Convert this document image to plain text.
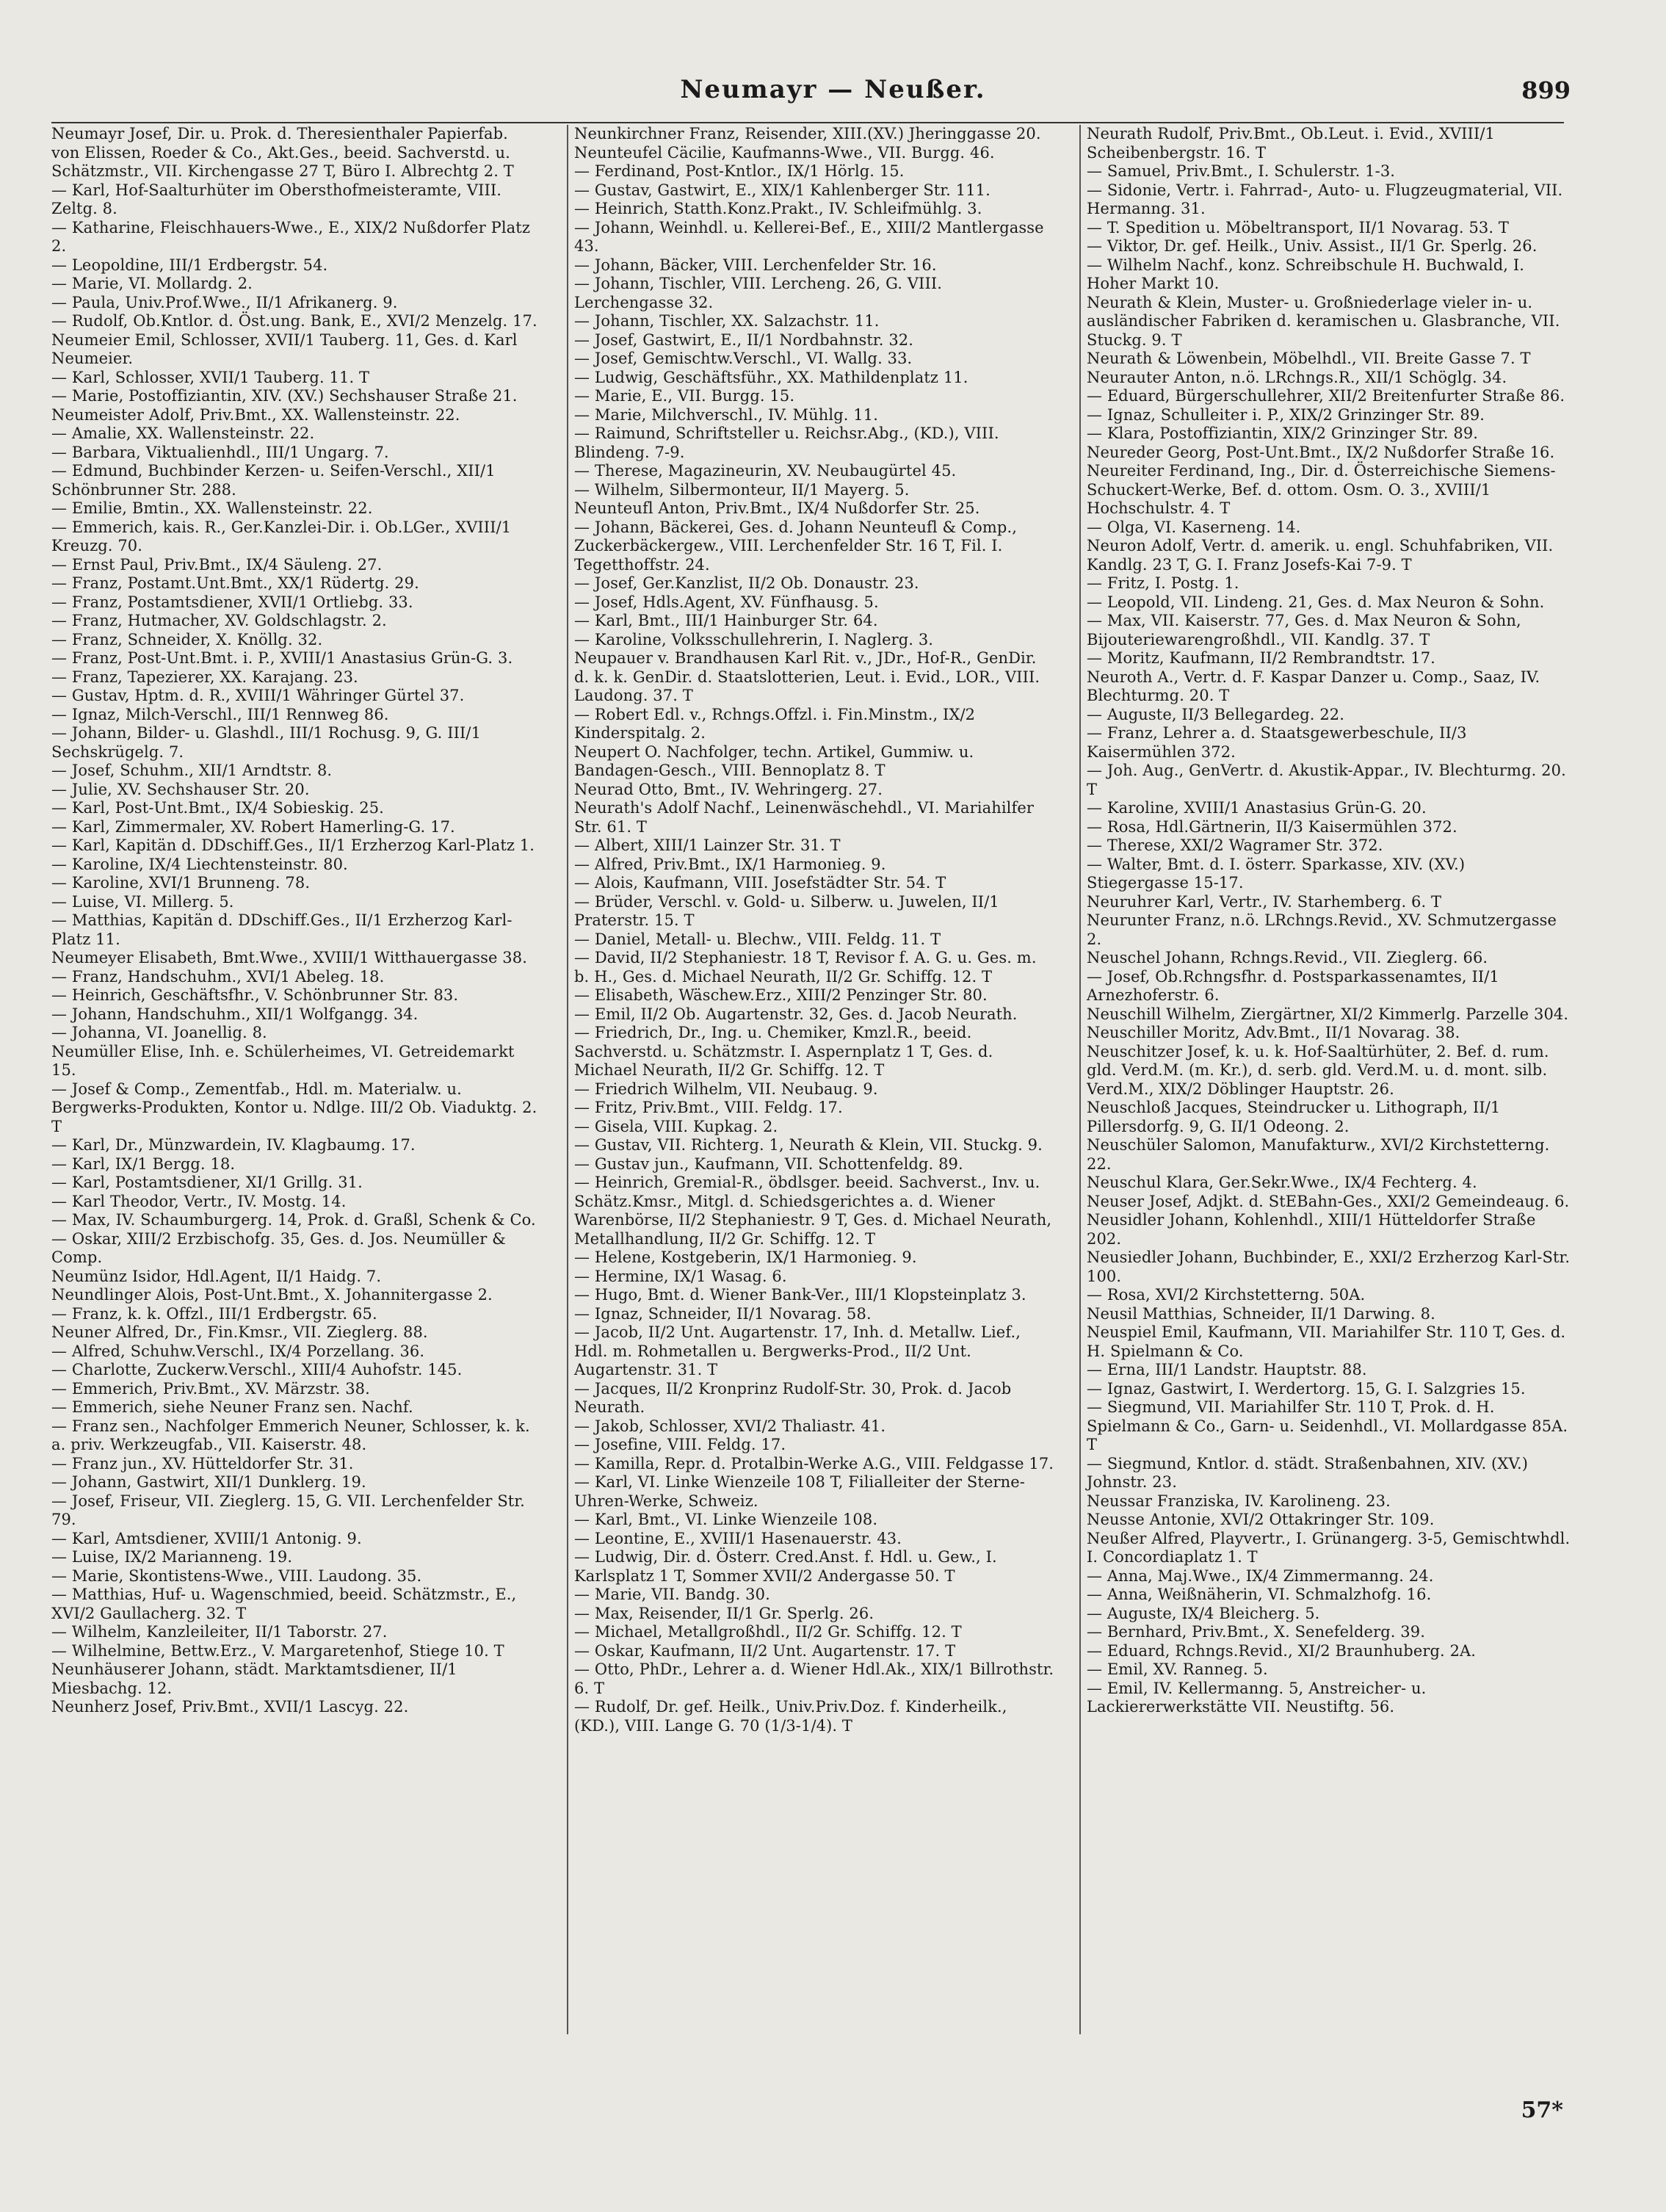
Neumayr — Neußer.	899

Neumayr Josef, Dir. u. Prok. d. Theresienthaler Papierfab. von Elissen, Roeder & Co., Akt.Ges., beeid. Sachverstd. u. Schätzmstr., VII. Kirchengasse 27 T, Büro I. Albrechtg 2. T

— Karl, Hof-Saalturhüter im Obersthofmeisteramte, VIII. Zeltg. 8.

— Katharine, Fleischhauers-Wwe., E., XIX/2 Nußdorfer Platz 2.

— Leopoldine, III/1 Erdbergstr. 54.

— Marie, VI. Mollardg. 2.

— Paula, Univ.Prof.Wwe., II/1 Afrikanerg. 9.

— Rudolf, Ob.Kntlor. d. Öst.ung. Bank, E., XVI/2 Menzelg. 17.

Neumeier Emil, Schlosser, XVII/1 Tauberg. 11, Ges. d. Karl Neumeier.

— Karl, Schlosser, XVII/1 Tauberg. 11. T

— Marie, Postoffiziantin, XIV. (XV.) Sechshauser Straße 21.

Neumeister Adolf, Priv.Bmt., XX. Wallensteinstr. 22.

— Amalie, XX. Wallensteinstr. 22.

— Barbara, Viktualienhdl., III/1 Ungarg. 7.

— Edmund, Buchbinder Kerzen- u. Seifen-Verschl., XII/1 Schönbrunner Str. 288.

— Emilie, Bmtin., XX. Wallensteinstr. 22.

— Emmerich, kais. R., Ger.Kanzlei-Dir. i. Ob.LGer., XVIII/1 Kreuzg. 70.

— Ernst Paul, Priv.Bmt., IX/4 Säuleng. 27.

— Franz, Postamt.Unt.Bmt., XX/1 Rüdertg. 29.

— Franz, Postamtsdiener, XVII/1 Ortliebg. 33.

— Franz, Hutmacher, XV. Goldschlagstr. 2.

— Franz, Schneider, X. Knöllg. 32.

— Franz, Post-Unt.Bmt. i. P., XVIII/1 Anastasius Grün-G. 3.

— Franz, Tapezierer, XX. Karajang. 23.

— Gustav, Hptm. d. R., XVIII/1 Währinger Gürtel 37.

— Ignaz, Milch-Verschl., III/1 Rennweg 86.

— Johann, Bilder- u. Glashdl., III/1 Rochusg. 9, G. III/1 Sechskrügelg. 7.

— Josef, Schuhm., XII/1 Arndtstr. 8.

— Julie, XV. Sechshauser Str. 20.

— Karl, Post-Unt.Bmt., IX/4 Sobieskig. 25.

— Karl, Zimmermaler, XV. Robert Hamerling-G. 17.

— Karl, Kapitän d. DDschiff.Ges., II/1 Erzherzog Karl-Platz 1.

— Karoline, IX/4 Liechtensteinstr. 80.

— Karoline, XVI/1 Brunneng. 78.

— Luise, VI. Millerg. 5.

— Matthias, Kapitän d. DDschiff.Ges., II/1 Erzherzog Karl-Platz 11.

Neumeyer Elisabeth, Bmt.Wwe., XVIII/1 Witthauergasse 38.

— Franz, Handschuhm., XVI/1 Abeleg. 18.

— Heinrich, Geschäftsfhr., V. Schönbrunner Str. 83.

— Johann, Handschuhm., XII/1 Wolfgangg. 34.

— Johanna, VI. Joanellig. 8.

Neumüller Elise, Inh. e. Schülerheimes, VI. Getreidemarkt 15.

— Josef & Comp., Zementfab., Hdl. m. Materialw. u. Bergwerks-Produkten, Kontor u. Ndlge. III/2 Ob. Viaduktg. 2. T

— Karl, Dr., Münzwardein, IV. Klagbaumg. 17.

— Karl, IX/1 Bergg. 18.

— Karl, Postamtsdiener, XI/1 Grillg. 31.

— Karl Theodor, Vertr., IV. Mostg. 14.

— Max, IV. Schaumburgerg. 14, Prok. d. Graßl, Schenk & Co.

— Oskar, XIII/2 Erzbischofg. 35, Ges. d. Jos. Neumüller & Comp.

Neumünz Isidor, Hdl.Agent, II/1 Haidg. 7.

Neundlinger Alois, Post-Unt.Bmt., X. Johannitergasse 2.

— Franz, k. k. Offzl., III/1 Erdbergstr. 65.

Neuner Alfred, Dr., Fin.Kmsr., VII. Zieglerg. 88.

— Alfred, Schuhw.Verschl., IX/4 Porzellang. 36.

— Charlotte, Zuckerw.Verschl., XIII/4 Auhofstr. 145.

— Emmerich, Priv.Bmt., XV. Märzstr. 38.

— Emmerich, siehe Neuner Franz sen. Nachf.

— Franz sen., Nachfolger Emmerich Neuner, Schlosser, k. k. a. priv. Werkzeugfab., VII. Kaiserstr. 48.

— Franz jun., XV. Hütteldorfer Str. 31.

— Johann, Gastwirt, XII/1 Dunklerg. 19.

— Josef, Friseur, VII. Zieglerg. 15, G. VII. Lerchenfelder Str. 79.

— Karl, Amtsdiener, XVIII/1 Antonig. 9.

— Luise, IX/2 Marianneng. 19.

— Marie, Skontistens-Wwe., VIII. Laudong. 35.

— Matthias, Huf- u. Wagenschmied, beeid. Schätzmstr., E., XVI/2 Gaullacherg. 32. T

— Wilhelm, Kanzleileiter, II/1 Taborstr. 27.

— Wilhelmine, Bettw.Erz., V. Margaretenhof, Stiege 10. T

Neunhäuserer Johann, städt. Marktamtsdiener, II/1 Miesbachg. 12.

Neunherz Josef, Priv.Bmt., XVII/1 Lascyg. 22.

Neunkirchner Franz, Reisender, XIII.(XV.) Jheringgasse 20.

Neunteufel Cäcilie, Kaufmanns-Wwe., VII. Burgg. 46.

— Ferdinand, Post-Kntlor., IX/1 Hörlg. 15.

— Gustav, Gastwirt, E., XIX/1 Kahlenberger Str. 111.

— Heinrich, Statth.Konz.Prakt., IV. Schleifmühlg. 3.

— Johann, Weinhdl. u. Kellerei-Bef., E., XIII/2 Mantlergasse 43.

— Johann, Bäcker, VIII. Lerchenfelder Str. 16.

— Johann, Tischler, VIII. Lercheng. 26, G. VIII. Lerchengasse 32.

— Johann, Tischler, XX. Salzachstr. 11.

— Josef, Gastwirt, E., II/1 Nordbahnstr. 32.

— Josef, Gemischtw.Verschl., VI. Wallg. 33.

— Ludwig, Geschäftsführ., XX. Mathildenplatz 11.

— Marie, E., VII. Burgg. 15.

— Marie, Milchverschl., IV. Mühlg. 11.

— Raimund, Schriftsteller u. Reichsr.Abg., (KD.), VIII. Blindeng. 7-9.

— Therese, Magazineurin, XV. Neubaugürtel 45.

— Wilhelm, Silbermonteur, II/1 Mayerg. 5.

Neunteufl Anton, Priv.Bmt., IX/4 Nußdorfer Str. 25.

— Johann, Bäckerei, Ges. d. Johann Neunteufl & Comp., Zuckerbäckergew., VIII. Lerchenfelder Str. 16 T, Fil. I. Tegetthoffstr. 24.

— Josef, Ger.Kanzlist, II/2 Ob. Donaustr. 23.

— Josef, Hdls.Agent, XV. Fünfhausg. 5.

— Karl, Bmt., III/1 Hainburger Str. 64.

— Karoline, Volksschullehrerin, I. Naglerg. 3.

Neupauer v. Brandhausen Karl Rit. v., JDr., Hof-R., GenDir. d. k. k. GenDir. d. Staatslotterien, Leut. i. Evid., LOR., VIII. Laudong. 37. T

— Robert Edl. v., Rchngs.Offzl. i. Fin.Minstm., IX/2 Kinderspitalg. 2.

Neupert O. Nachfolger, techn. Artikel, Gummiw. u. Bandagen-Gesch., VIII. Bennoplatz 8. T

Neurad Otto, Bmt., IV. Wehringerg. 27.

Neurath's Adolf Nachf., Leinenwäschehdl., VI. Mariahilfer Str. 61. T

— Albert, XIII/1 Lainzer Str. 31. T

— Alfred, Priv.Bmt., IX/1 Harmonieg. 9.

— Alois, Kaufmann, VIII. Josefstädter Str. 54. T

— Brüder, Verschl. v. Gold- u. Silberw. u. Juwelen, II/1 Praterstr. 15. T

— Daniel, Metall- u. Blechw., VIII. Feldg. 11. T

— David, II/2 Stephaniestr. 18 T, Revisor f. A. G. u. Ges. m. b. H., Ges. d. Michael Neurath, II/2 Gr. Schiffg. 12. T

— Elisabeth, Wäschew.Erz., XIII/2 Penzinger Str. 80.

— Emil, II/2 Ob. Augartenstr. 32, Ges. d. Jacob Neurath.

— Friedrich, Dr., Ing. u. Chemiker, Kmzl.R., beeid. Sachverstd. u. Schätzmstr. I. Aspernplatz 1 T, Ges. d. Michael Neurath, II/2 Gr. Schiffg. 12. T

— Friedrich Wilhelm, VII. Neubaug. 9.

— Fritz, Priv.Bmt., VIII. Feldg. 17.

— Gisela, VIII. Kupkag. 2.

— Gustav, VII. Richterg. 1, Neurath & Klein, VII. Stuckg. 9.

— Gustav jun., Kaufmann, VII. Schottenfeldg. 89.

— Heinrich, Gremial-R., öbdlsger. beeid. Sachverst., Inv. u. Schätz.Kmsr., Mitgl. d. Schiedsgerichtes a. d. Wiener Warenbörse, II/2 Stephaniestr. 9 T, Ges. d. Michael Neurath, Metallhandlung, II/2 Gr. Schiffg. 12. T

— Helene, Kostgeberin, IX/1 Harmonieg. 9.

— Hermine, IX/1 Wasag. 6.

— Hugo, Bmt. d. Wiener Bank-Ver., III/1 Klopsteinplatz 3.

— Ignaz, Schneider, II/1 Novarag. 58.

— Jacob, II/2 Unt. Augartenstr. 17, Inh. d. Metallw. Lief., Hdl. m. Rohmetallen u. Bergwerks-Prod., II/2 Unt. Augartenstr. 31. T

— Jacques, II/2 Kronprinz Rudolf-Str. 30, Prok. d. Jacob Neurath.

— Jakob, Schlosser, XVI/2 Thaliastr. 41.

— Josefine, VIII. Feldg. 17.

— Kamilla, Repr. d. Protalbin-Werke A.G., VIII. Feldgasse 17.

— Karl, VI. Linke Wienzeile 108 T, Filialleiter der Sterne-Uhren-Werke, Schweiz.

— Karl, Bmt., VI. Linke Wienzeile 108.

— Leontine, E., XVIII/1 Hasenauerstr. 43.

— Ludwig, Dir. d. Österr. Cred.Anst. f. Hdl. u. Gew., I. Karlsplatz 1 T, Sommer XVII/2 Andergasse 50. T

— Marie, VII. Bandg. 30.

— Max, Reisender, II/1 Gr. Sperlg. 26.

— Michael, Metallgroßhdl., II/2 Gr. Schiffg. 12. T

— Oskar, Kaufmann, II/2 Unt. Augartenstr. 17. T

— Otto, PhDr., Lehrer a. d. Wiener Hdl.Ak., XIX/1 Billrothstr. 6. T

— Rudolf, Dr. gef. Heilk., Univ.Priv.Doz. f. Kinderheilk., (KD.), VIII. Lange G. 70 (1/3-1/4). T

Neurath Rudolf, Priv.Bmt., Ob.Leut. i. Evid., XVIII/1 Scheibenbergstr. 16. T

— Samuel, Priv.Bmt., I. Schulerstr. 1-3.

— Sidonie, Vertr. i. Fahrrad-, Auto- u. Flugzeugmaterial, VII. Hermanng. 31.

— T. Spedition u. Möbeltransport, II/1 Novarag. 53. T

— Viktor, Dr. gef. Heilk., Univ. Assist., II/1 Gr. Sperlg. 26.

— Wilhelm Nachf., konz. Schreibschule H. Buchwald, I. Hoher Markt 10.

Neurath & Klein, Muster- u. Großniederlage vieler in- u. ausländischer Fabriken d. keramischen u. Glasbranche, VII. Stuckg. 9. T

Neurath & Löwenbein, Möbelhdl., VII. Breite Gasse 7. T

Neurauter Anton, n.ö. LRchngs.R., XII/1 Schöglg. 34.

— Eduard, Bürgerschullehrer, XII/2 Breitenfurter Straße 86.

— Ignaz, Schulleiter i. P., XIX/2 Grinzinger Str. 89.

— Klara, Postoffiziantin, XIX/2 Grinzinger Str. 89.

Neureder Georg, Post-Unt.Bmt., IX/2 Nußdorfer Straße 16.

Neureiter Ferdinand, Ing., Dir. d. Österreichische Siemens-Schuckert-Werke, Bef. d. ottom. Osm. O. 3., XVIII/1 Hochschulstr. 4. T

— Olga, VI. Kaserneng. 14.

Neuron Adolf, Vertr. d. amerik. u. engl. Schuhfabriken, VII. Kandlg. 23 T, G. I. Franz Josefs-Kai 7-9. T

— Fritz, I. Postg. 1.

— Leopold, VII. Lindeng. 21, Ges. d. Max Neuron & Sohn.

— Max, VII. Kaiserstr. 77, Ges. d. Max Neuron & Sohn, Bijouteriewarengroßhdl., VII. Kandlg. 37. T

— Moritz, Kaufmann, II/2 Rembrandtstr. 17.

Neuroth A., Vertr. d. F. Kaspar Danzer u. Comp., Saaz, IV. Blechturmg. 20. T

— Auguste, II/3 Bellegardeg. 22.

— Franz, Lehrer a. d. Staatsgewerbeschule, II/3 Kaisermühlen 372.

— Joh. Aug., GenVertr. d. Akustik-Appar., IV. Blechturmg. 20. T

— Karoline, XVIII/1 Anastasius Grün-G. 20.

— Rosa, Hdl.Gärtnerin, II/3 Kaisermühlen 372.

— Therese, XXI/2 Wagramer Str. 372.

— Walter, Bmt. d. I. österr. Sparkasse, XIV. (XV.) Stiegergasse 15-17.

Neuruhrer Karl, Vertr., IV. Starhemberg. 6. T

Neurunter Franz, n.ö. LRchngs.Revid., XV. Schmutzergasse 2.

Neuschel Johann, Rchngs.Revid., VII. Zieglerg. 66.

— Josef, Ob.Rchngsfhr. d. Postsparkassenamtes, II/1 Arnezhoferstr. 6.

Neuschill Wilhelm, Ziergärtner, XI/2 Kimmerlg. Parzelle 304.

Neuschiller Moritz, Adv.Bmt., II/1 Novarag. 38.

Neuschitzer Josef, k. u. k. Hof-Saaltürhüter, 2. Bef. d. rum. gld. Verd.M. (m. Kr.), d. serb. gld. Verd.M. u. d. mont. silb. Verd.M., XIX/2 Döblinger Hauptstr. 26.

Neuschloß Jacques, Steindrucker u. Lithograph, II/1 Pillersdorfg. 9, G. II/1 Odeong. 2.

Neuschüler Salomon, Manufakturw., XVI/2 Kirchstetterng. 22.

Neuschul Klara, Ger.Sekr.Wwe., IX/4 Fechterg. 4.

Neuser Josef, Adjkt. d. StEBahn-Ges., XXI/2 Gemeindeaug. 6.

Neusidler Johann, Kohlenhdl., XIII/1 Hütteldorfer Straße 202.

Neusiedler Johann, Buchbinder, E., XXI/2 Erzherzog Karl-Str. 100.

— Rosa, XVI/2 Kirchstetterng. 50A.

Neusil Matthias, Schneider, II/1 Darwing. 8.

Neuspiel Emil, Kaufmann, VII. Mariahilfer Str. 110 T, Ges. d. H. Spielmann & Co.

— Erna, III/1 Landstr. Hauptstr. 88.

— Ignaz, Gastwirt, I. Werdertorg. 15, G. I. Salzgries 15.

— Siegmund, VII. Mariahilfer Str. 110 T, Prok. d. H. Spielmann & Co., Garn- u. Seidenhdl., VI. Mollardgasse 85A. T

— Siegmund, Kntlor. d. städt. Straßenbahnen, XIV. (XV.) Johnstr. 23.

Neussar Franziska, IV. Karolineng. 23.

Neusse Antonie, XVI/2 Ottakringer Str. 109.

Neußer Alfred, Playvertr., I. Grünangerg. 3-5, Gemischtwhdl. I. Concordiaplatz 1. T

— Anna, Maj.Wwe., IX/4 Zimmermanng. 24.

— Anna, Weißnäherin, VI. Schmalzhofg. 16.

— Auguste, IX/4 Bleicherg. 5.

— Bernhard, Priv.Bmt., X. Senefelderg. 39.

— Eduard, Rchngs.Revid., XI/2 Braunhuberg. 2A.

— Emil, XV. Ranneg. 5.

— Emil, IV. Kellermanng. 5, Anstreicher- u. Lackiererwerkstätte VII. Neustiftg. 56.

57*
